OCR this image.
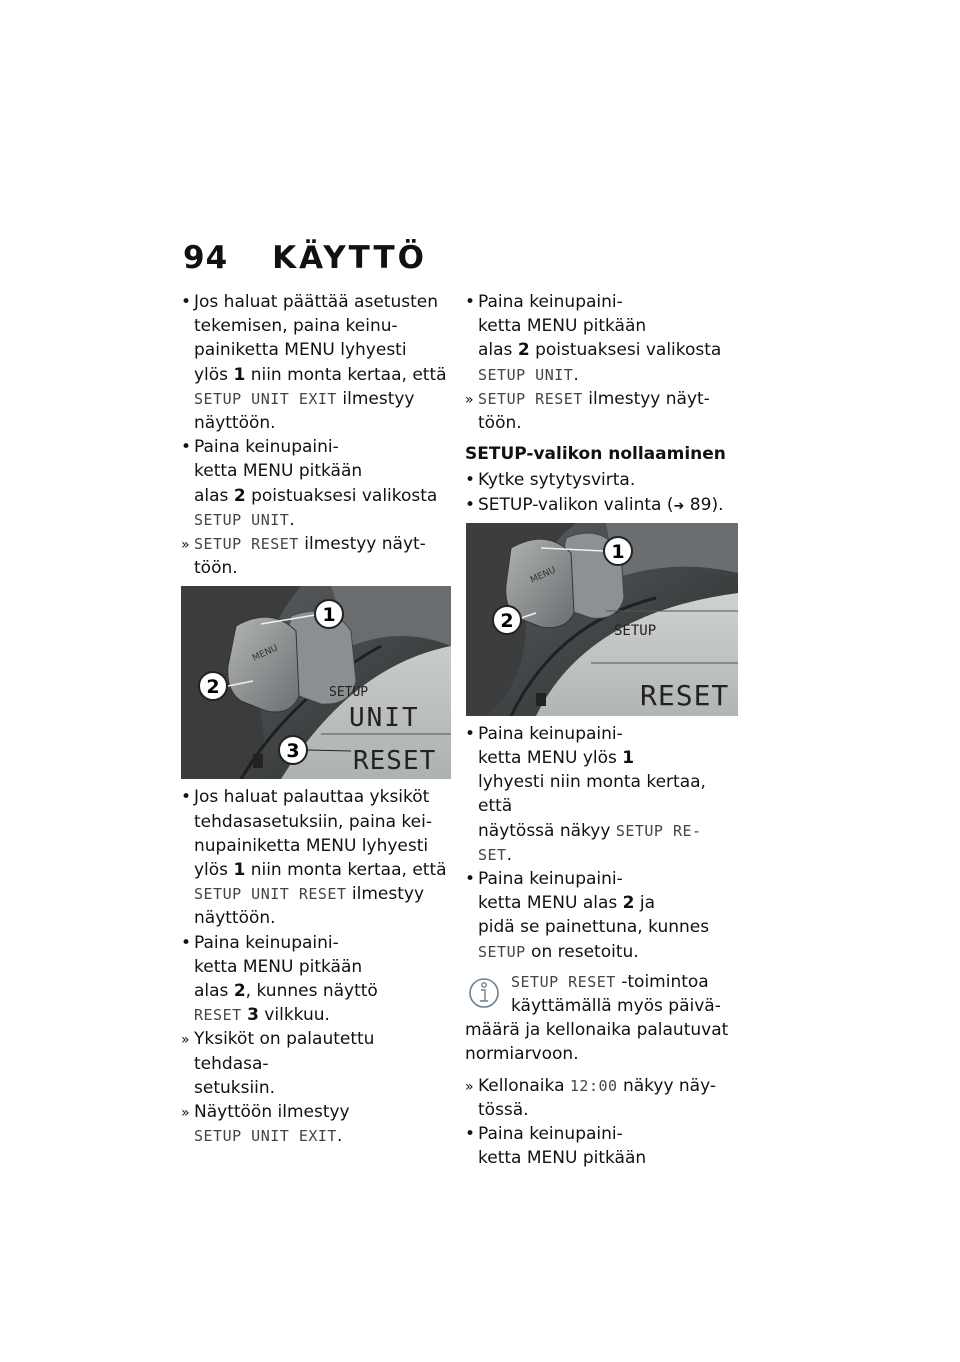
94 KÄYTTÖ
•
Jos haluat päättää asetusten
tekemisen, paina keinu-
painiketta MENU lyhyesti
ylös 1 niin monta kertaa, että
SETUP UNIT EXIT ilmestyy
näyttöön.
•
Paina keinupaini-
ketta MENU pitkään
alas 2 poistuaksesi valikosta
SETUP UNIT.
»
SETUP RESET ilmestyy näyt-
töön.
MENU
1
2
3
SETUP
UNIT
RESET
•
Jos haluat palauttaa yksiköt
tehdasasetuksiin, paina kei-
nupainiketta MENU lyhyesti
ylös 1 niin monta kertaa, että
SETUP UNIT RESET ilmestyy
näyttöön.
•
Paina keinupaini-
ketta MENU pitkään
alas 2, kunnes näyttö
RESET 3 vilkkuu.
»
Yksiköt on palautettu tehdasa-
setuksiin.
»
Näyttöön ilmestyy
SETUP UNIT EXIT.
•
Paina keinupaini-
ketta MENU pitkään
alas 2 poistuaksesi valikosta
SETUP UNIT.
»
SETUP RESET ilmestyy näyt-
töön.
SETUP-valikon nollaaminen
•
Kytke sytytysvirta.
•
SETUP-valikon valinta (➜ 89).
MENU
1
2	SETUP
RESET
•
Paina keinupaini-
ketta MENU ylös 1
lyhyesti niin monta kertaa, että
näytössä näkyy SETUP RE-
SET.
•
Paina keinupaini-
ketta MENU alas 2 ja
pidä se painettuna, kunnes
SETUP on resetoitu.
SETUP RESET -toimintoa
käyttämällä myös päivä-
määrä ja kellonaika palautuvat
normiarvoon.
»
Kellonaika 12:00 näkyy näy-
tössä.
•
Paina keinupaini-
ketta MENU pitkään
